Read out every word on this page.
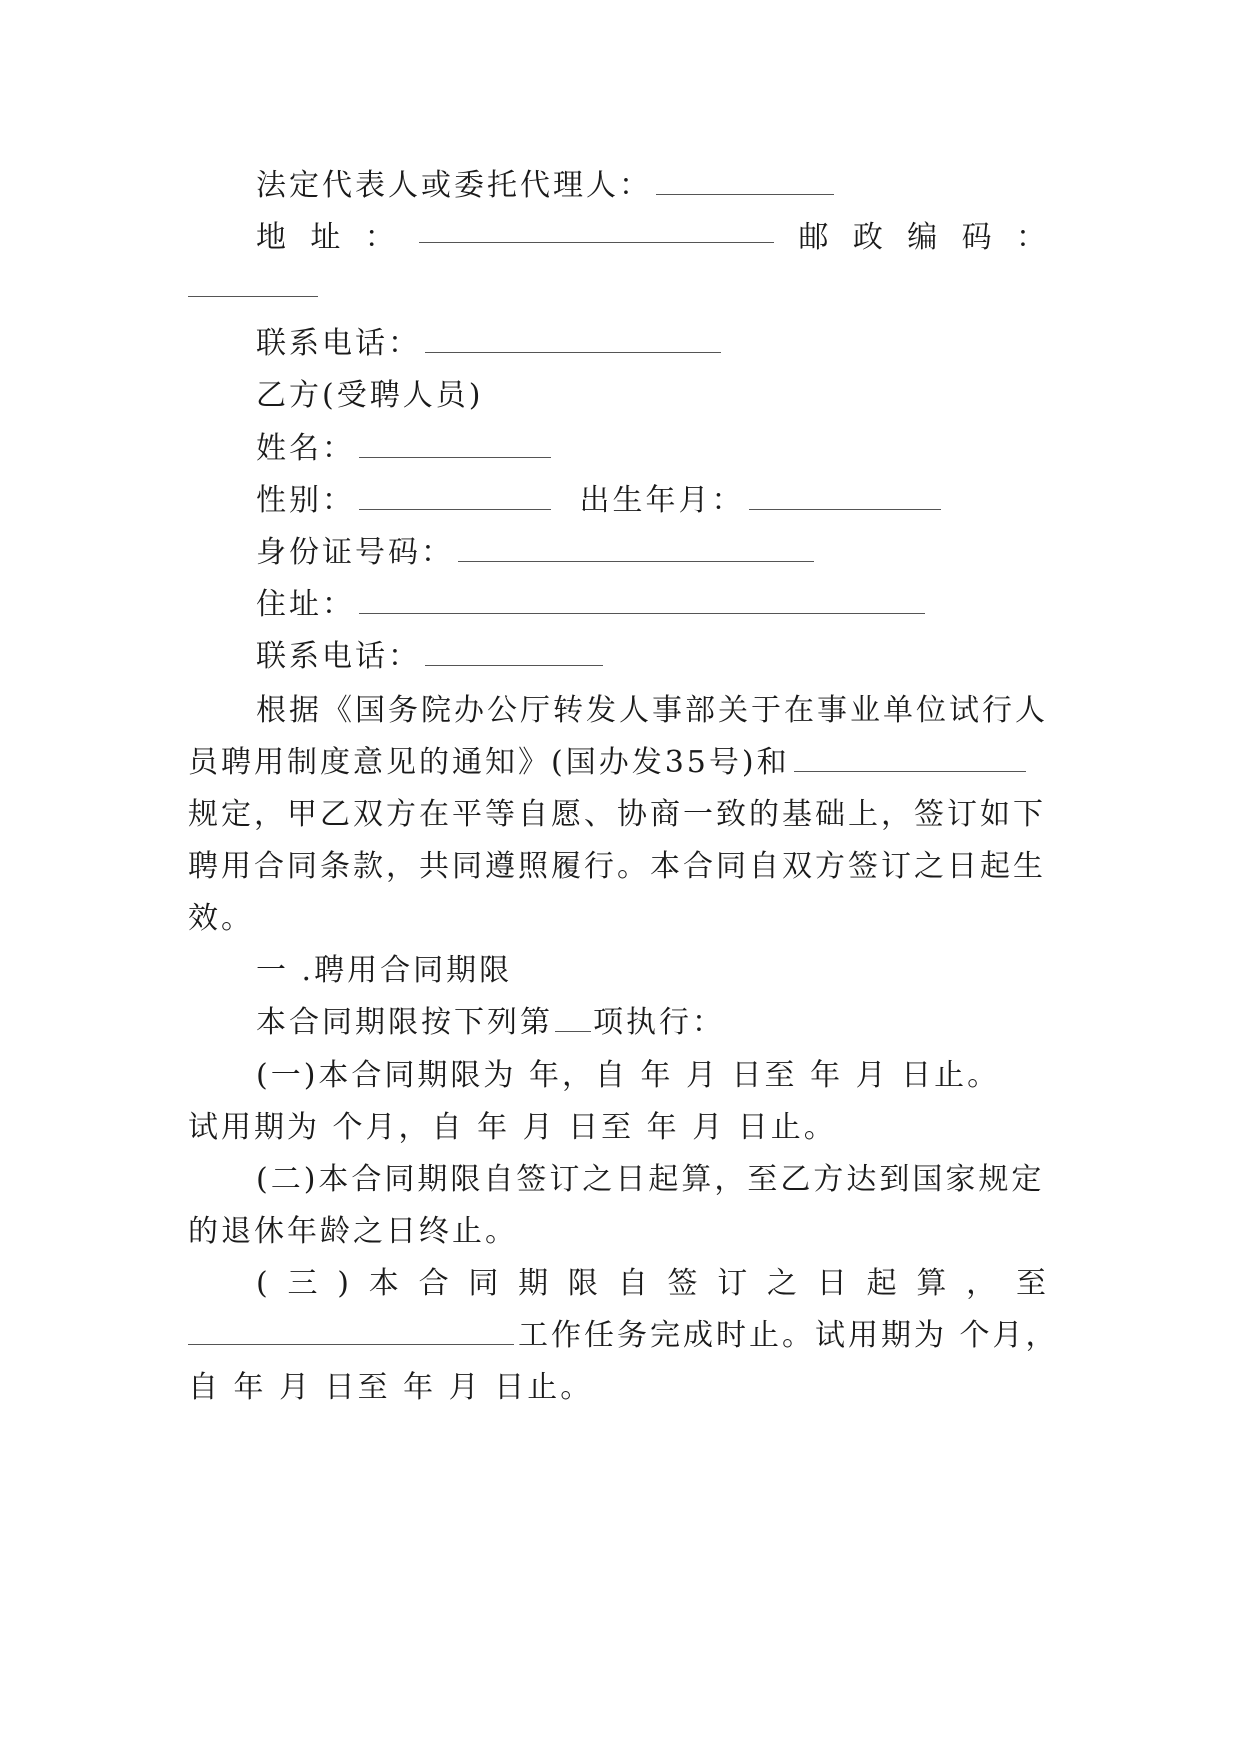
法定代表人或委托代理人：
地 址 ：	邮 政 编 码 ：
联系电话：
乙方(受聘人员)
姓名：
性别：	出生年月：
身份证号码：
住址：
联系电话：
根据《国务院办公厅转发人事部关于在事业单位试行人
员聘用制度意见的通知》(国办发35号)和
规定，甲乙双方在平等自愿、协商一致的基础上，签订如下
聘用合同条款，共同遵照履行。本合同自双方签订之日起生
效。
一 .聘用合同期限
本合同期限按下列第 项执行：
(一)本合同期限为 年，自 年 月 日至 年 月 日止。
试用期为 个月，自 年 月 日至 年 月 日止。
(二)本合同期限自签订之日起算，至乙方达到国家规定
的退休年龄之日终止。
( 三 ) 本 合 同 期 限 自 签 订 之 日 起 算 ， 至
工作任务完成时止。试用期为 个月，
自 年 月 日至 年 月 日止。
